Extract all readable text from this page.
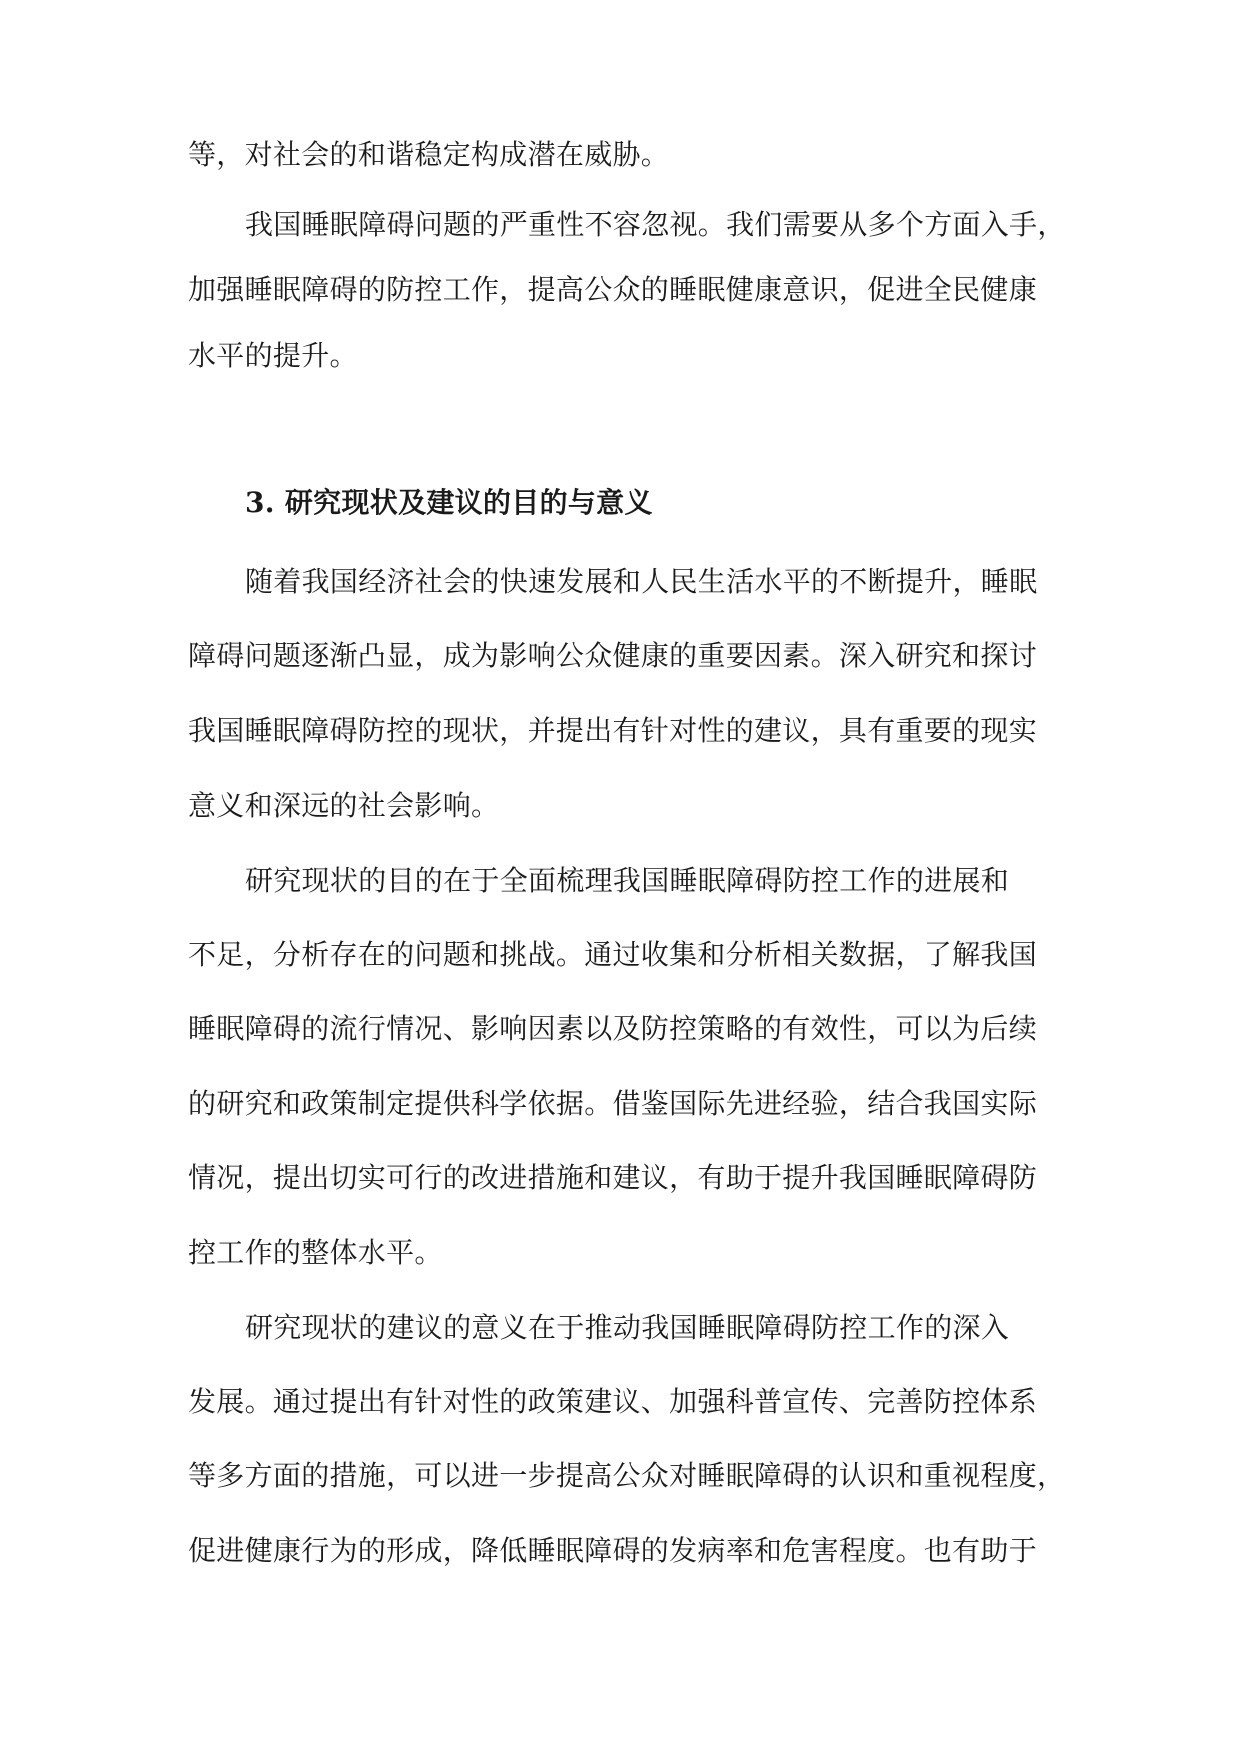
等，对社会的和谐稳定构成潜在威胁。
我国睡眠障碍问题的严重性不容忽视。我们需要从多个方面入手，
加强睡眠障碍的防控工作，提高公众的睡眠健康意识，促进全民健康
水平的提升。
3. 研究现状及建议的目的与意义
随着我国经济社会的快速发展和人民生活水平的不断提升，睡眠
障碍问题逐渐凸显，成为影响公众健康的重要因素。深入研究和探讨
我国睡眠障碍防控的现状，并提出有针对性的建议，具有重要的现实
意义和深远的社会影响。
研究现状的目的在于全面梳理我国睡眠障碍防控工作的进展和
不足，分析存在的问题和挑战。通过收集和分析相关数据，了解我国
睡眠障碍的流行情况、影响因素以及防控策略的有效性，可以为后续
的研究和政策制定提供科学依据。借鉴国际先进经验，结合我国实际
情况，提出切实可行的改进措施和建议，有助于提升我国睡眠障碍防
控工作的整体水平。
研究现状的建议的意义在于推动我国睡眠障碍防控工作的深入
发展。通过提出有针对性的政策建议、加强科普宣传、完善防控体系
等多方面的措施，可以进一步提高公众对睡眠障碍的认识和重视程度，
促进健康行为的形成，降低睡眠障碍的发病率和危害程度。也有助于
